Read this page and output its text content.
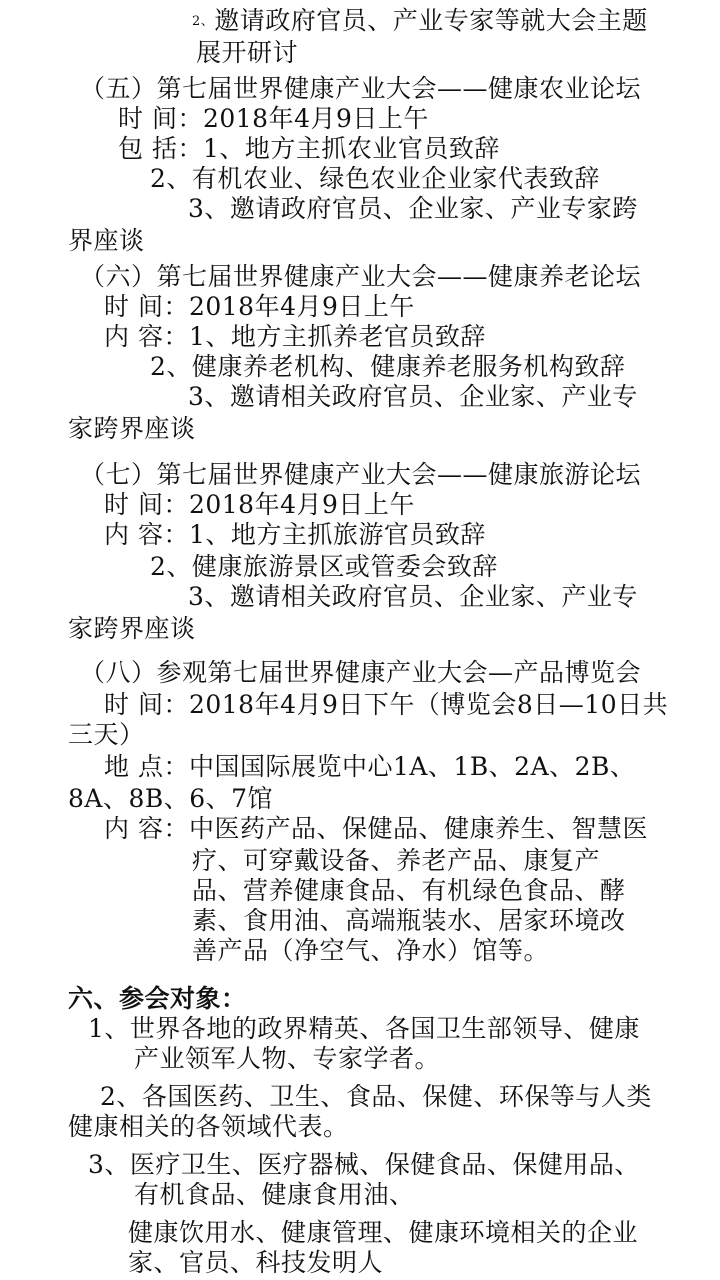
2、邀请政府官员、产业专家等就大会主题
展开研讨
（五）第七届世界健康产业大会——健康农业论坛
时 间：2018年4月9日上午
包 括：1、地方主抓农业官员致辞
2、有机农业、绿色农业企业家代表致辞
3、邀请政府官员、企业家、产业专家跨
界座谈
（六）第七届世界健康产业大会——健康养老论坛
时 间：2018年4月9日上午
内 容：1、地方主抓养老官员致辞
2、健康养老机构、健康养老服务机构致辞
3、邀请相关政府官员、企业家、产业专
家跨界座谈
（七）第七届世界健康产业大会——健康旅游论坛
时 间：2018年4月9日上午
内 容：1、地方主抓旅游官员致辞
2、健康旅游景区或管委会致辞
3、邀请相关政府官员、企业家、产业专
家跨界座谈
（八）参观第七届世界健康产业大会—产品博览会
时 间：2018年4月9日下午（博览会8日—10日共
三天）
地 点：中国国际展览中心1A、1B、2A、2B、
8A、8B、6、7馆
内 容：中医药产品、保健品、健康养生、智慧医
疗、可穿戴设备、养老产品、康复产
品、营养健康食品、有机绿色食品、酵
素、食用油、高端瓶装水、居家环境改
善产品（净空气、净水）馆等。
六、参会对象：
1、世界各地的政界精英、各国卫生部领导、健康
产业领军人物、专家学者。
2、各国医药、卫生、食品、保健、环保等与人类
健康相关的各领域代表。
3、医疗卫生、医疗器械、保健食品、保健用品、
有机食品、健康食用油、
健康饮用水、健康管理、健康环境相关的企业
家、官员、科技发明人
